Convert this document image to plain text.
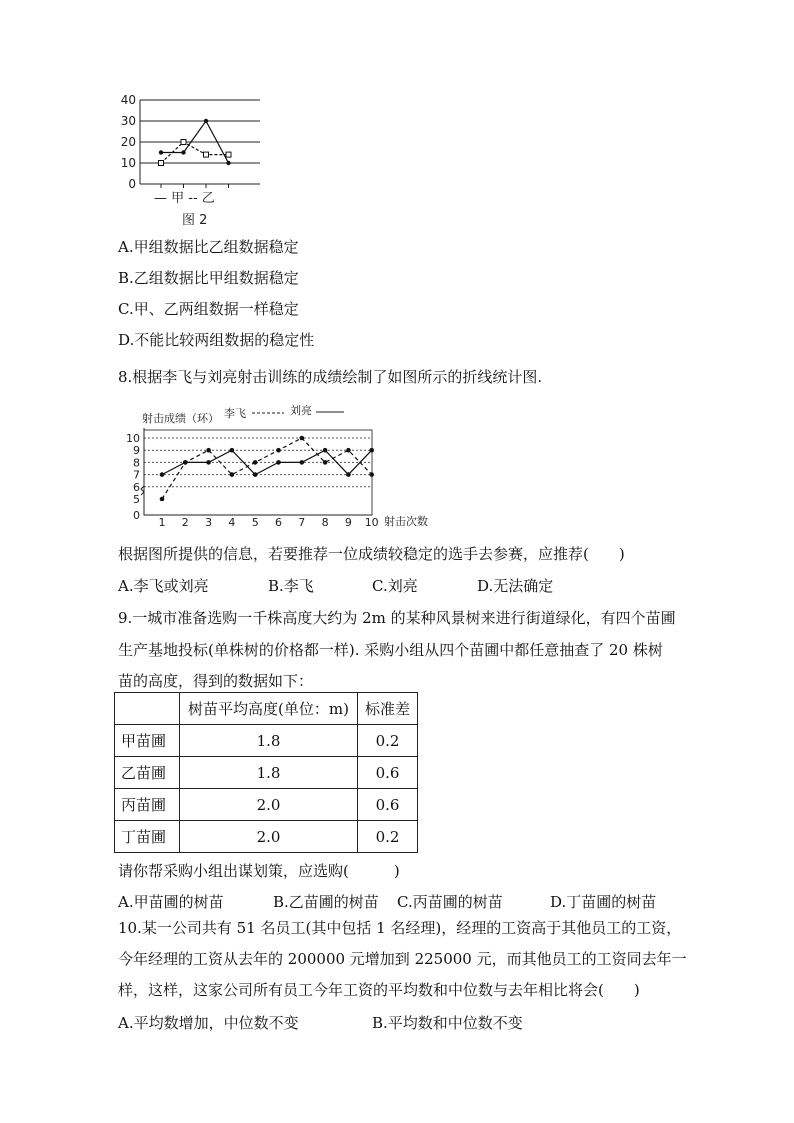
0
10
20
30
40
— 甲 -- 乙
图 2
A.甲组数据比乙组数据稳定
B.乙组数据比甲组数据稳定
C.甲、乙两组数据一样稳定
D.不能比较两组数据的稳定性
8.根据李飞与刘亮射击训练的成绩绘制了如图所示的折线统计图.
0
5
6
7
8
9
10
1 2 3 4 5 6 7 8 9 10
射击成绩（环） 李飞	刘亮
射击次数
根据图所提供的信息，若要推荐一位成绩较稳定的选手去参赛，应推荐(　　)
A.李飞或刘亮	B.李飞	C.刘亮	D.无法确定
9.一城市准备选购一千株高度大约为 2m 的某种风景树来进行街道绿化，有四个苗圃
生产基地投标(单株树的价格都一样). 采购小组从四个苗圃中都任意抽查了 20 株树
苗的高度，得到的数据如下：
	树苗平均高度(单位：m)	标准差
甲苗圃	1.8	0.2
乙苗圃	1.8	0.6
丙苗圃	2.0	0.6
丁苗圃	2.0	0.2
请你帮采购小组出谋划策，应选购(　　　)
A.甲苗圃的树苗	B.乙苗圃的树苗 C.丙苗圃的树苗	D.丁苗圃的树苗
10.某一公司共有 51 名员工(其中包括 1 名经理)，经理的工资高于其他员工的工资，
今年经理的工资从去年的 200000 元增加到 225000 元，而其他员工的工资同去年一
样，这样，这家公司所有员工今年工资的平均数和中位数与去年相比将会(　　)
A.平均数增加，中位数不变	B.平均数和中位数不变
